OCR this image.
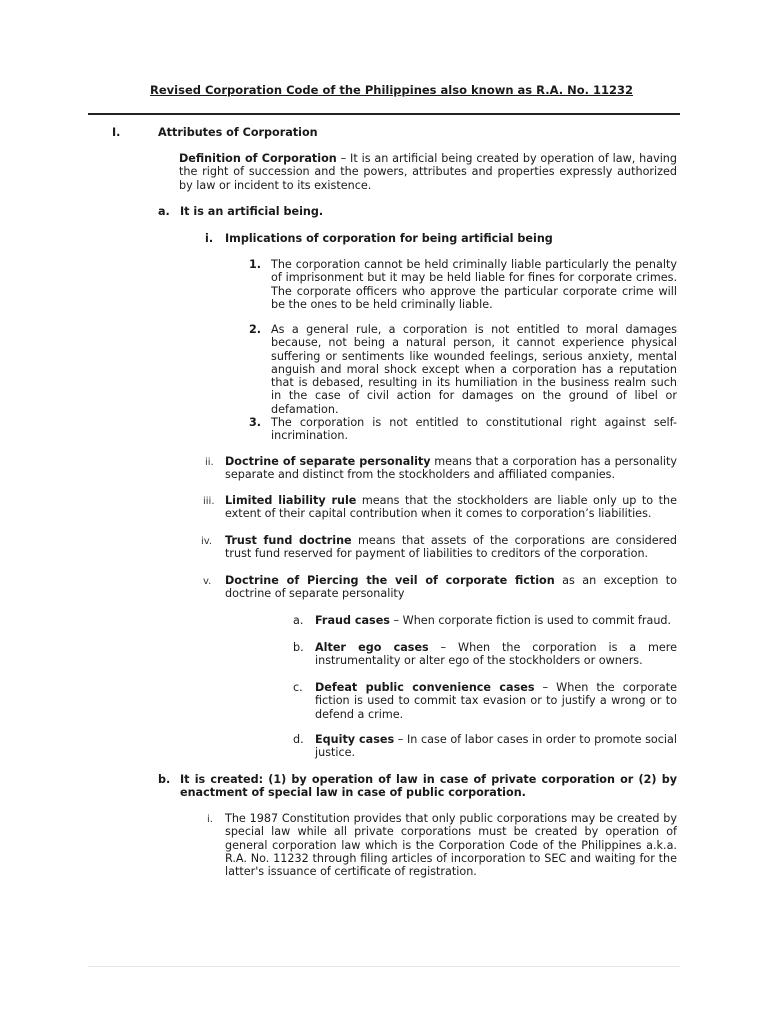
Revised Corporation Code of the Philippines also known as R.A. No. 11232
I.	Attributes of Corporation
Definition of Corporation – It is an artificial being created by operation of law, having the right of succession and the powers, attributes and properties expressly authorized by law or incident to its existence.
a. It is an artificial being.
i. Implications of corporation for being artificial being
1. The corporation cannot be held criminally liable particularly the penalty of imprisonment but it may be held liable for fines for corporate crimes. The corporate officers who approve the particular corporate crime will be the ones to be held criminally liable.
2. As a general rule, a corporation is not entitled to moral damages because, not being a natural person, it cannot experience physical suffering or sentiments like wounded feelings, serious anxiety, mental anguish and moral shock except when a corporation has a reputation that is debased, resulting in its humiliation in the business realm such in the case of civil action for damages on the ground of libel or defamation.
3. The corporation is not entitled to constitutional right against self-incrimination.
ii. Doctrine of separate personality means that a corporation has a personality separate and distinct from the stockholders and affiliated companies.
iii. Limited liability rule means that the stockholders are liable only up to the extent of their capital contribution when it comes to corporation’s liabilities.
iv. Trust fund doctrine means that assets of the corporations are considered trust fund reserved for payment of liabilities to creditors of the corporation.
v. Doctrine of Piercing the veil of corporate fiction as an exception to doctrine of separate personality
a. Fraud cases – When corporate fiction is used to commit fraud.
b. Alter ego cases – When the corporation is a mere instrumentality or alter ego of the stockholders or owners.
c. Defeat public convenience cases – When the corporate fiction is used to commit tax evasion or to justify a wrong or to defend a crime.
d. Equity cases – In case of labor cases in order to promote social justice.
b. It is created: (1) by operation of law in case of private corporation or (2) by enactment of special law in case of public corporation.
i. The 1987 Constitution provides that only public corporations may be created by special law while all private corporations must be created by operation of general corporation law which is the Corporation Code of the Philippines a.k.a. R.A. No. 11232 through filing articles of incorporation to SEC and waiting for the latter's issuance of certificate of registration.
